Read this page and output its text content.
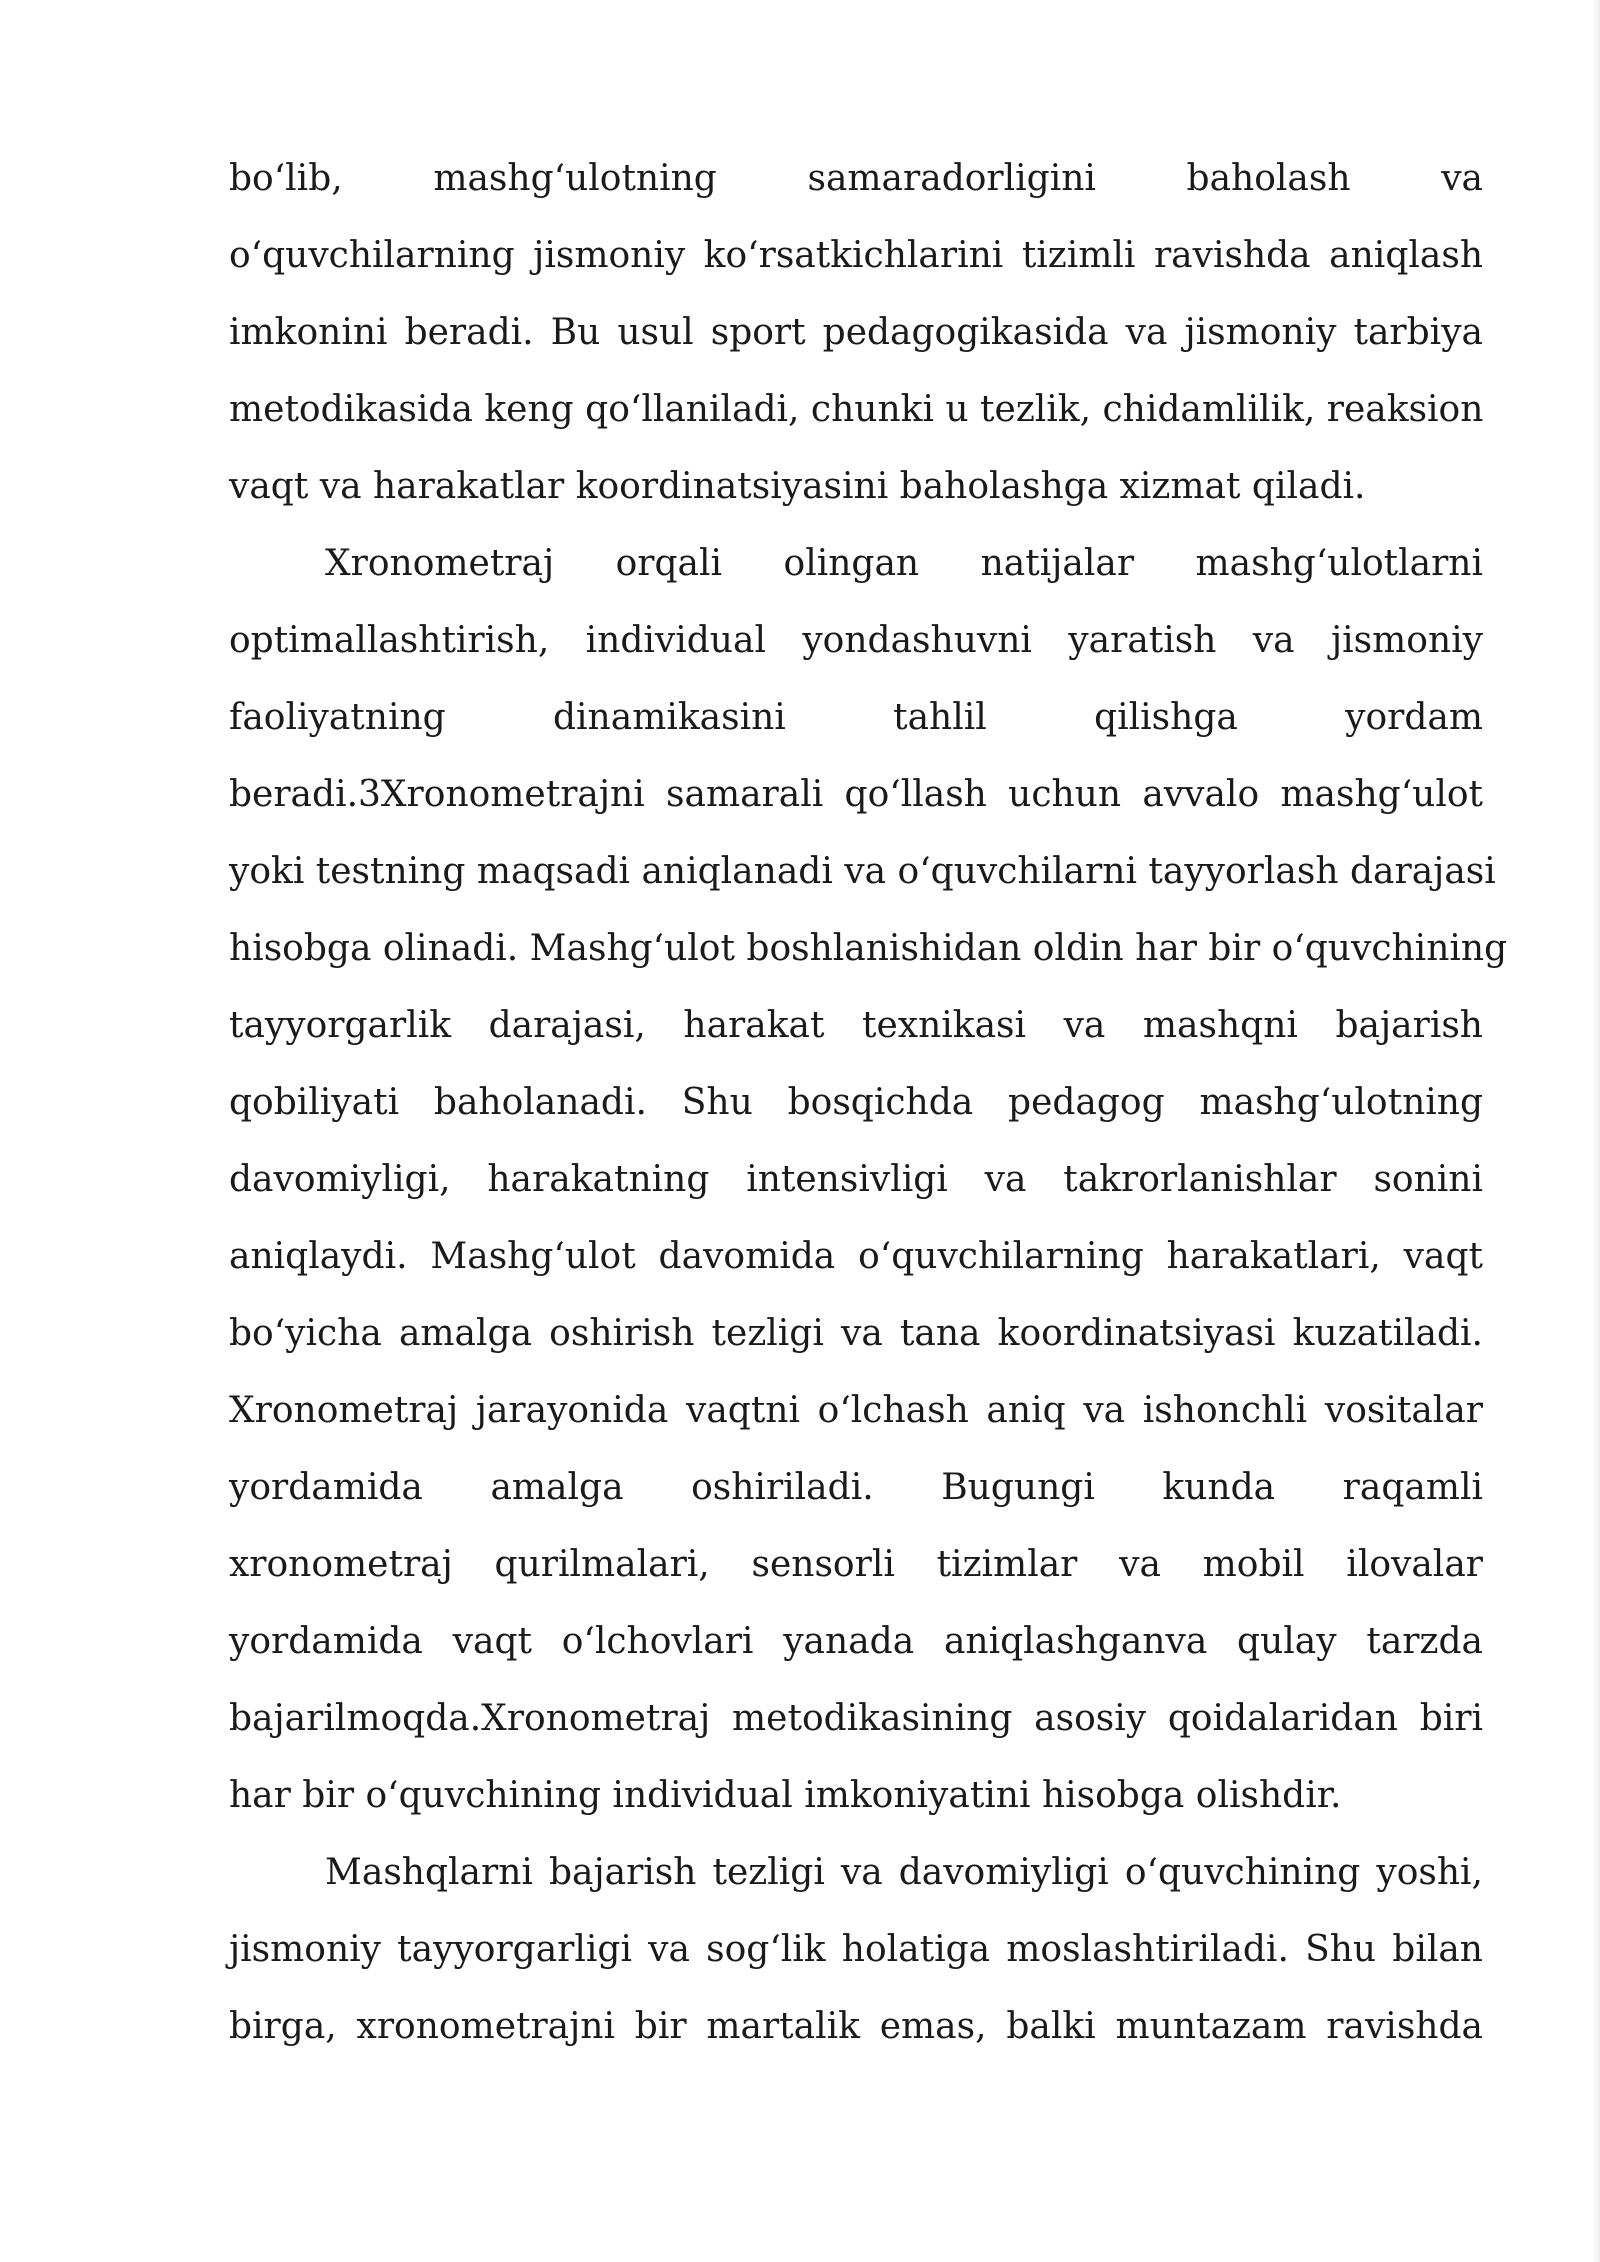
bo‘lib, mashg‘ulotning samaradorligini baholash va
o‘quvchilarning jismoniy ko‘rsatkichlarini tizimli ravishda aniqlash
imkonini beradi. Bu usul sport pedagogikasida va jismoniy tarbiya
metodikasida keng qo‘llaniladi, chunki u tezlik, chidamlilik, reaksion
vaqt va harakatlar koordinatsiyasini baholashga xizmat qiladi.
Xronometraj orqali olingan natijalar mashg‘ulotlarni
optimallashtirish, individual yondashuvni yaratish va jismoniy
faoliyatning dinamikasini tahlil qilishga yordam
beradi.3Xronometrajni samarali qo‘llash uchun avvalo mashg‘ulot
yoki testning maqsadi aniqlanadi va o‘quvchilarni tayyorlash darajasi
hisobga olinadi. Mashg‘ulot boshlanishidan oldin har bir o‘quvchining
tayyorgarlik darajasi, harakat texnikasi va mashqni bajarish
qobiliyati baholanadi. Shu bosqichda pedagog mashg‘ulotning
davomiyligi, harakatning intensivligi va takrorlanishlar sonini
aniqlaydi. Mashg‘ulot davomida o‘quvchilarning harakatlari, vaqt
bo‘yicha amalga oshirish tezligi va tana koordinatsiyasi kuzatiladi.
Xronometraj jarayonida vaqtni o‘lchash aniq va ishonchli vositalar
yordamida amalga oshiriladi. Bugungi kunda raqamli
xronometraj qurilmalari, sensorli tizimlar va mobil ilovalar
yordamida vaqt o‘lchovlari yanada aniqlashganva qulay tarzda
bajarilmoqda.Xronometraj metodikasining asosiy qoidalaridan biri
har bir o‘quvchining individual imkoniyatini hisobga olishdir.
Mashqlarni bajarish tezligi va davomiyligi o‘quvchining yoshi,
jismoniy tayyorgarligi va sog‘lik holatiga moslashtiriladi. Shu bilan
birga, xronometrajni bir martalik emas, balki muntazam ravishda
